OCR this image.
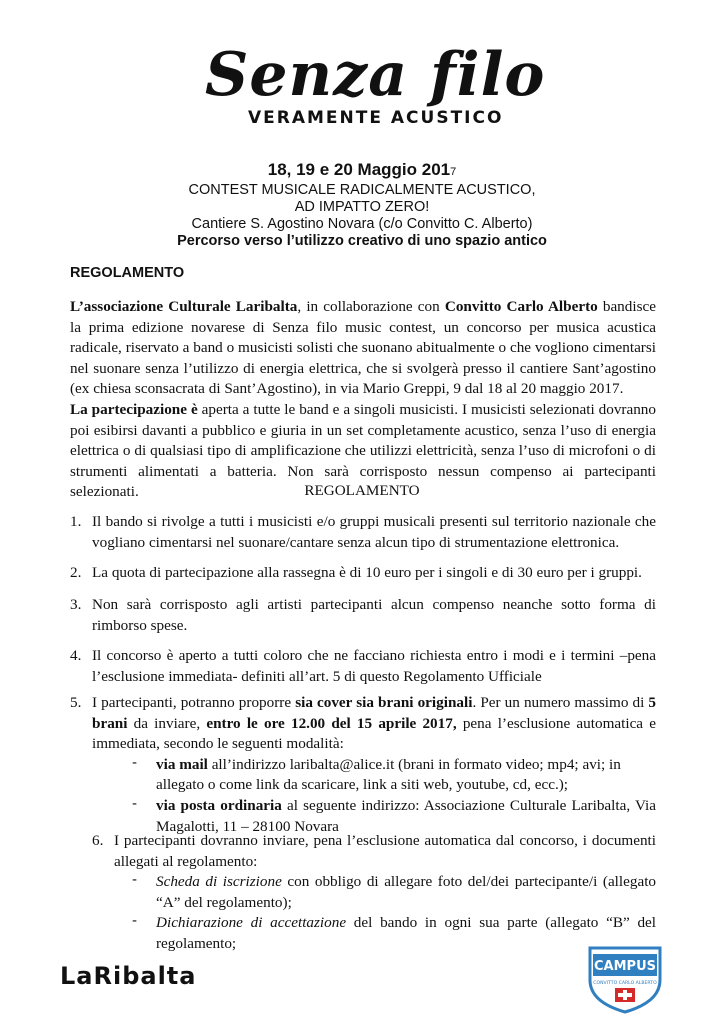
Senza filo
VERAMENTE ACUSTICO
18, 19 e 20 Maggio 2017
CONTEST MUSICALE RADICALMENTE ACUSTICO,
AD IMPATTO ZERO!
Cantiere S. Agostino Novara (c/o Convitto C. Alberto)
Percorso verso l’utilizzo creativo di uno spazio antico
REGOLAMENTO
L’associazione Culturale Laribalta, in collaborazione con Convitto Carlo Alberto bandisce la prima edizione novarese di Senza filo music contest, un concorso per musica acustica radicale, riservato a band o musicisti solisti che suonano abitualmente o che vogliono cimentarsi nel suonare senza l’utilizzo di energia elettrica, che si svolgerà presso il cantiere Sant’agostino (ex chiesa sconsacrata di Sant’Agostino), in via Mario Greppi, 9 dal 18 al 20 maggio 2017.
La partecipazione è aperta a tutte le band e a singoli musicisti. I musicisti selezionati dovranno poi esibirsi davanti a pubblico e giuria in un set completamente acustico, senza l’uso di energia elettrica o di qualsiasi tipo di amplificazione che utilizzi elettricità, senza l’uso di microfoni o di strumenti alimentati a batteria. Non sarà corrisposto nessun compenso ai partecipanti selezionati.	REGOLAMENTO
1. Il bando si rivolge a tutti i musicisti e/o gruppi musicali presenti sul territorio nazionale che vogliano cimentarsi nel suonare/cantare senza alcun tipo di strumentazione elettronica.
2. La quota di partecipazione alla rassegna è di 10 euro per i singoli e di 30 euro per i gruppi.
3. Non sarà corrisposto agli artisti partecipanti alcun compenso neanche sotto forma di rimborso spese.
4. Il concorso è aperto a tutti coloro che ne facciano richiesta entro i modi e i termini –pena l’esclusione immediata- definiti all’art. 5 di questo Regolamento Ufficiale
5. I partecipanti, potranno proporre sia cover sia brani originali. Per un numero massimo di 5 brani da inviare, entro le ore 12.00 del 15 aprile 2017, pena l’esclusione automatica e immediata, secondo le seguenti modalità:
- via mail all’indirizzo laribalta@alice.it (brani in formato video; mp4; avi; in allegato o come link da scaricare, link a siti web, youtube, cd, ecc.);
- via posta ordinaria al seguente indirizzo: Associazione Culturale Laribalta, Via Magalotti, 11 – 28100 Novara
6. I partecipanti dovranno inviare, pena l’esclusione automatica dal concorso, i documenti allegati al regolamento:
- Scheda di iscrizione con obbligo di allegare foto del/dei partecipante/i (allegato “A” del regolamento);
- Dichiarazione di accettazione del bando in ogni sua parte (allegato “B” del regolamento;
LaRibalta	CAMPUS
CONVITTO CARLO ALBERTO
